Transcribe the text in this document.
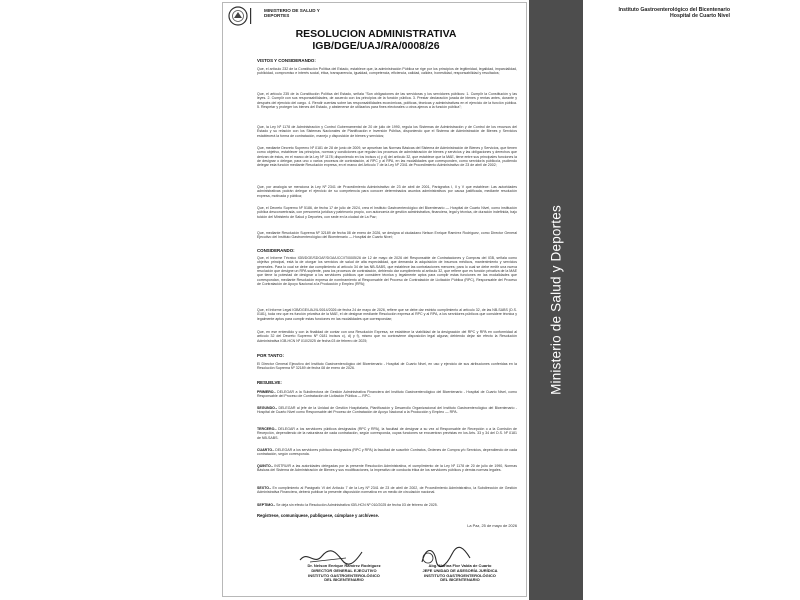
Ministerio de Salud y Deportes
MINISTERIO DE SALUD Y DEPORTES
Instituto Gastroenterológico del Bicentenario
Hospital de Cuarto Nivel
RESOLUCION ADMINISTRATIVA
IGB/DGE/UAJ/RA/0008/26
VISTOS Y CONSIDERANDO:
Que, el artículo 232 de la Constitución Política del Estado, establece que, la administración Pública se rige por los principios de legitimidad, legalidad, imparcialidad, publicidad, compromiso e interés social, ética, transparencia, igualdad, competencia, eficiencia, calidad, calidez, honestidad, responsabilidad y resultados;
Que, el artículo 235 de la Constitución Política del Estado, señala "Son obligaciones de las servidoras y los servidores públicos: 1. Cumplir la Constitución y las leyes. 2. Cumplir con sus responsabilidades, de acuerdo con los principios de la función pública. 3. Prestar declaración jurada de bienes y rentas antes, durante y después del ejercicio del cargo. 4. Rendir cuentas sobre las responsabilidades económicas, políticas, técnicas y administrativas en el ejercicio de la función pública. 5. Respetar y proteger los bienes del Estado, y abstenerse de utilizarlos para fines electorales u otros ajenos a la función pública";
Que, la Ley Nº 1178 de Administración y Control Gubernamental de 20 de julio de 1990, regula los Sistemas de Administración y de Control de los recursos del Estado y su relación con los Sistemas Nacionales de Planificación e Inversión Pública, disponiendo que el Sistema de Administración de Bienes y Servicios establecerá la forma de contratación, manejo y disposición de bienes y servicios;
Que, mediante Decreto Supremo Nº 0181 de 28 de junio de 2009, se aprueban las Normas Básicas del Sistema de Administración de Bienes y Servicios, que tienen como objetivo, establecer los principios, normas y condiciones que regulan los procesos de administración de bienes y servicios y las obligaciones y derechos que derivan de éstos, en el marco de la Ley Nº 1178; disponiendo en los incisos c) y d) del artículo 32, que establece que la MAE, tiene entre sus principales funciones la de designar o delegar, para uno o varios procesos de contratación, al RPC y al RPA, en las modalidades que corresponden, como servidor/a público/a, pudiendo delegar esta función mediante Resolución expresa, en el marco del Artículo 7 de la Ley Nº 2341 de Procedimiento Administrativo de 23 de abril de 2002;
Que, por analogía se menciona la Ley Nº 2341 de Procedimiento Administrativo de 23 de abril de 2001, Parágrafos I, II y V que establece: Las autoridades administrativas podrán delegar el ejercicio de su competencia para conocer determinados asuntos administrativos por causa justificada, mediante resolución expresa, motivada y pública;
Que, el Decreto Supremo Nº 5186, de fecha 17 de julio de 2024, crea el Instituto Gastroenterológico del Bicentenario — Hospital de Cuarto Nivel, como institución pública desconcentrada, con personería jurídica y patrimonio propio, con autonomía de gestión administrativa, financiera, legal y técnica, de duración indefinida, bajo tuición del Ministerio de Salud y Deportes, con sede en la ciudad de La Paz;
Que, mediante Resolución Suprema Nº 32189 de fecha 08 de enero de 2026, se designa al ciudadano Nelson Enrique Ramírez Rodríguez, como Director General Ejecutivo del Instituto Gastroenterológico del Bicentenario — Hospital de Cuarto Nivel;
CONSIDERANDO:
Que, el Informe Técnico IGB/DGE/SDGAF/DGA/UCC/IT/0005/26 de 12 de mayo de 2026 del Responsable de Contrataciones y Compras del IGB, señala como objetivo principal, está la de otorgar los servicios de salud de alta especialidad, que demanda la adquisición de insumos médicos, mantenimiento y servicios generales. Para lo cual se debe dar cumplimiento al artículo 34 de las NB-SABS, que establece las contrataciones menores; para lo cual se debe emitir una nueva resolución que designe un RPA suplente, para los procesos de contratación, debiendo dar cumplimiento al artículo 32, que refiere que es función privativa de la MAE que tiene la potestad de designar a los servidores públicos que considere técnica y legalmente aptos para cumplir estas funciones en las modalidades que correspondan, mediante Resolución expresa de nombramiento al Responsable del Proceso de Contratación de Licitación Pública (RPC), Responsable del Proceso de Contratación de Apoyo Nacional a la Producción y Empleo (RPA);
Que, el Informe Legal IGB/DGE/UAJ/IL/0014/2026 de fecha 24 de mayo de 2026, refiere que se debe dar estricto cumplimiento al artículo 32, de las NB-SABS (D.S. 0181), toda vez que es función privativa de la MAE, el de designar mediante Resolución expresa al RPC y al RPA, a los servidores públicos que considere técnica y legalmente aptos para cumplir estas funciones en las modalidades que correspondan;
Que, en ese entendido y con la finalidad de contar con una Resolución Expresa, se establece la viabilidad de la designación del RPC y RPA en conformidad al artículo 32 del Decreto Supremo Nº 0181 incisos c), d) y f), mismo que no contraviene disposición legal alguna; debiendo dejar sin efecto la Resolución Administrativa IGB-HCN Nº 010/2025 de fecha 03 de febrero de 2025;
POR TANTO:
El Director General Ejecutivo del Instituto Gastroenterológico del Bicentenario - Hospital de Cuarto Nivel, en uso y ejercicio de sus atribuciones conferidas en la Resolución Suprema Nº 32189 de fecha 08 de enero de 2026.
RESUELVE:
PRIMERO.- DELEGAR a la Subdirectora de Gestión Administrativa Financiera del Instituto Gastroenterológico del Bicentenario - Hospital de Cuarto Nivel, como Responsable del Proceso de Contratación de Licitación Pública — RPC.
SEGUNDO.- DELEGAR al jefe de la Unidad de Gestión Hospitalaria, Planificación y Desarrollo Organizacional del Instituto Gastroenterológico del Bicentenario - Hospital de Cuarto Nivel como Responsable del Proceso de Contratación de Apoyo Nacional a la Producción y Empleo — RPA.
TERCERO.- DELEGAR a los servidores públicos designados (RPC y RPA), la facultad de designar a su vez al Responsable de Recepción o a la Comisión de Recepción, dependiendo de la naturaleza de cada contratación, según corresponda, cuyas funciones se encuentran previstas en los Arts. 33 y 34 del D.S. Nº 0181 de NB-SABS.
CUARTO.- DELEGAR a los servidores públicos designados (RPC y RPA) la facultad de suscribir Contratos, Órdenes de Compra y/o Servicios, dependiendo de cada contratación, según corresponda.
QUINTO.- INSTRUIR a las autoridades delegadas por la presente Resolución Administrativa, el cumplimiento de la Ley Nº 1178 de 20 de julio de 1990, Normas Básicas del Sistema de Administración de Bienes y sus modificaciones, la imperativo de conducta ética de los servidores públicos y demás normas legales.
SEXTO.- En cumplimiento al Parágrafo VI del Artículo 7 de la Ley Nº 2341 de 23 de abril de 2002, de Procedimiento Administrativo, la Subdirección de Gestión Administrativa Financiera, deberá publicar la presente disposición normativa en un medio de circulación nacional.
SEPTIMO.- Se deja sin efecto la Resolución Administrativa IGB-HCN Nº 010/2025 de fecha 03 de febrero de 2025.
La Paz, 25 de mayo de 2026
Regístrese, comuníquese, publíquese, cúmplase y archívese.
Dr. Nelson Enrique Ramírez Rodríguez
DIRECTOR GENERAL EJECUTIVO
INSTITUTO GASTROENTEROLÓGICO
DEL BICENTENARIO
Abg. Marina Flor Valda de Cuarto
JEFE UNIDAD DE ASESORÍA JURÍDICA
INSTITUTO GASTROENTEROLÓGICO
DEL BICENTENARIO
